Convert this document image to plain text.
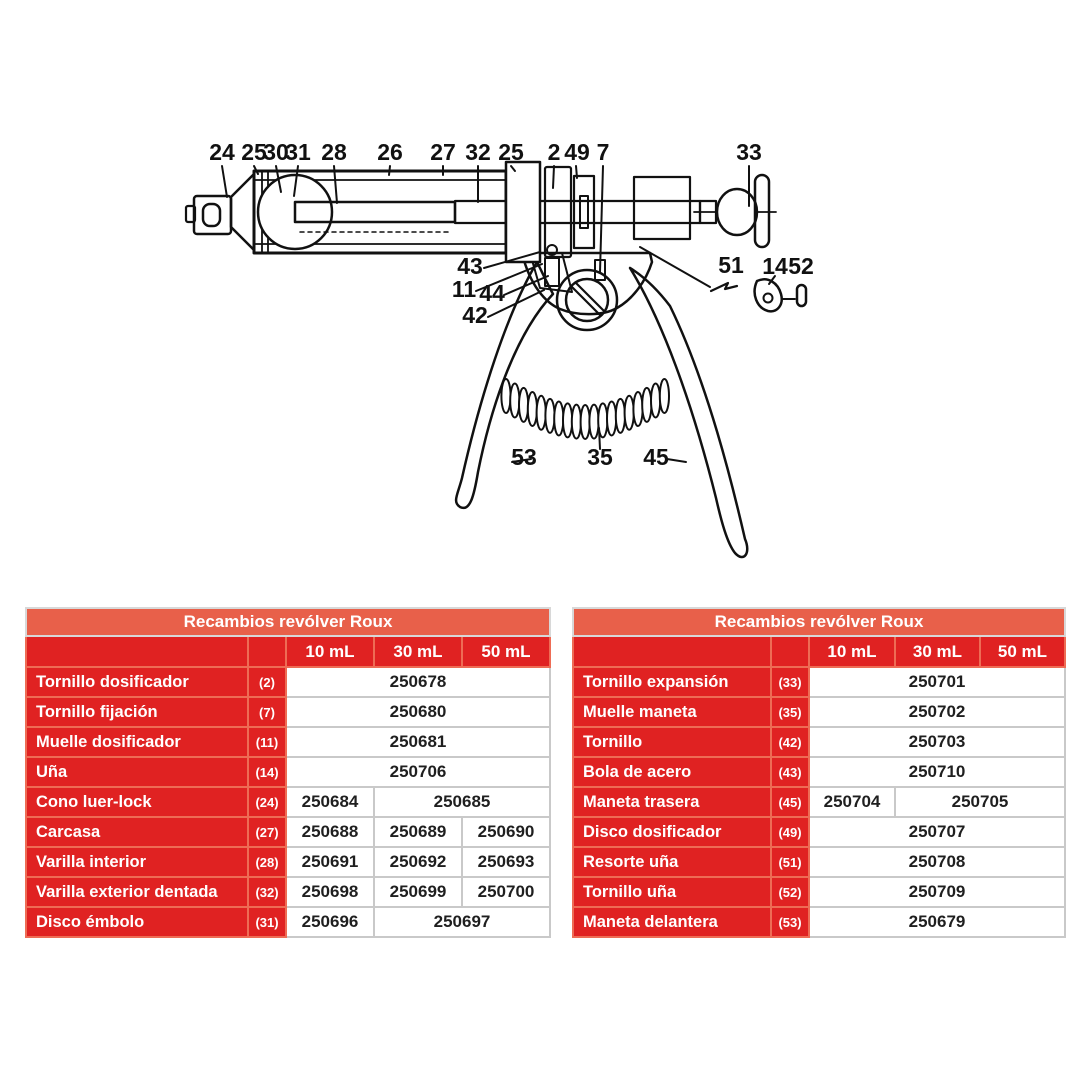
24 25
30
31 28 26 27 32 25 2 49 7	33
43
11 44
42
51 14 52
53 35 45
Recambios revólver Roux				
		10 mL	30 mL	50 mL
Tornillo dosificador	(2)	250678		
Tornillo fijación	(7)	250680		
Muelle dosificador	(11)	250681		
Uña	(14)	250706		
Cono luer-lock	(24)	250684	250685	
Carcasa	(27)	250688	250689	250690
Varilla interior	(28)	250691	250692	250693
Varilla exterior dentada	(32)	250698	250699	250700
Disco émbolo	(31)	250696	250697	
Recambios revólver Roux				
		10 mL	30 mL	50 mL
Tornillo expansión	(33)	250701		
Muelle maneta	(35)	250702		
Tornillo	(42)	250703		
Bola de acero	(43)	250710		
Maneta trasera	(45)	250704	250705	
Disco dosificador	(49)	250707		
Resorte uña	(51)	250708		
Tornillo uña	(52)	250709		
Maneta delantera	(53)	250679		
